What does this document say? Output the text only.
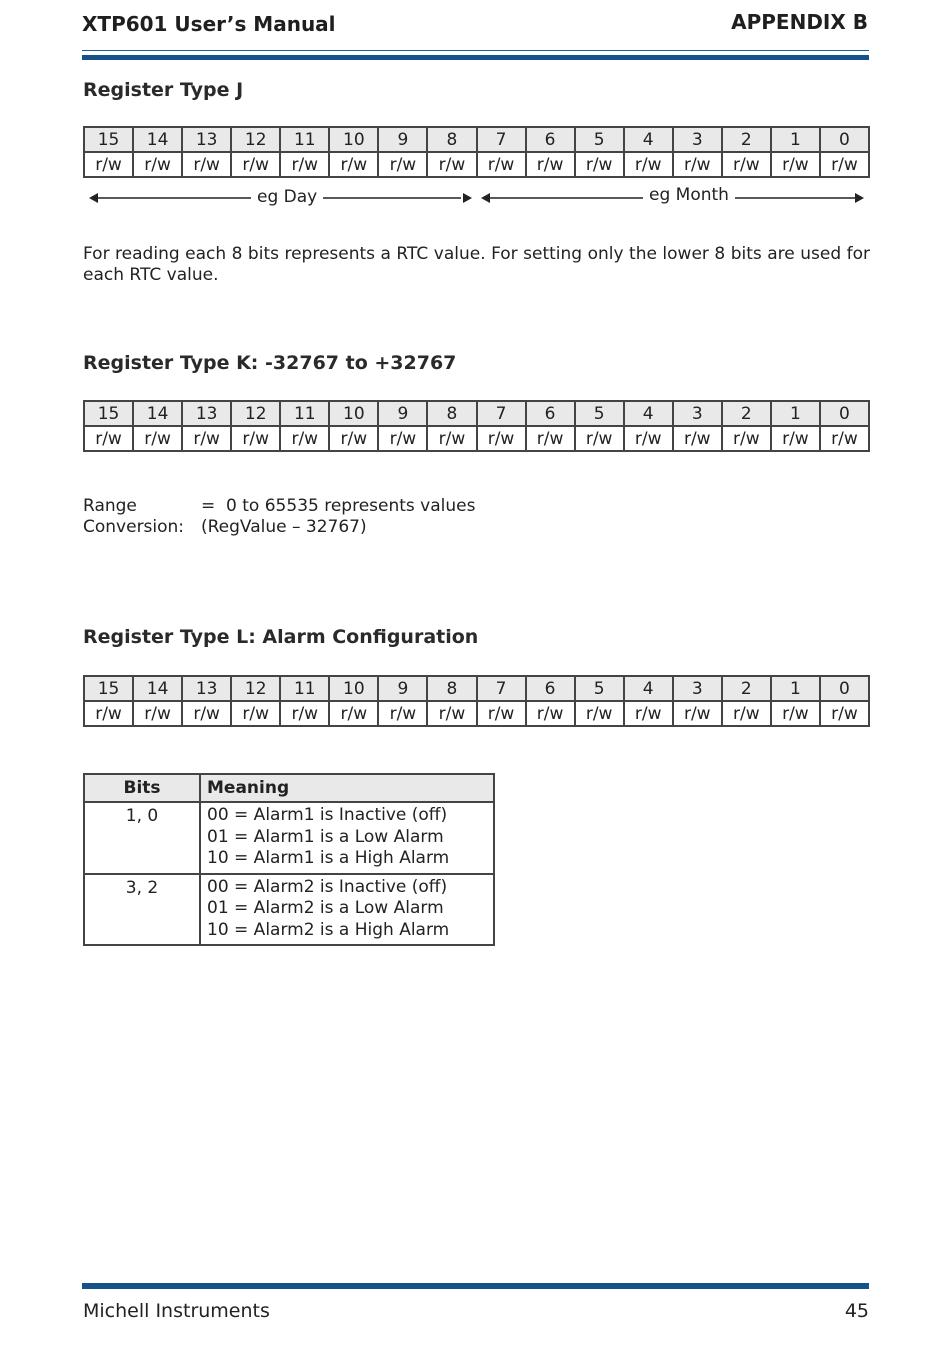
XTP601 User’s Manual	APPENDIX B
Register Type J
15	14	13	12	11	10	9	8	7	6	5	4	3	2	1	0
r/w	r/w	r/w	r/w	r/w	r/w	r/w	r/w	r/w	r/w	r/w	r/w	r/w	r/w	r/w	r/w
eg Day	eg Month
For reading each 8 bits represents a RTC value. For setting only the lower 8 bits are used for each RTC value.
Register Type K: -32767 to +32767
15	14	13	12	11	10	9	8	7	6	5	4	3	2	1	0
r/w	r/w	r/w	r/w	r/w	r/w	r/w	r/w	r/w	r/w	r/w	r/w	r/w	r/w	r/w	r/w
Range	=  0 to 65535 represents values
Conversion: (RegValue – 32767)
Register Type L: Alarm Configuration
15	14	13	12	11	10	9	8	7	6	5	4	3	2	1	0
r/w	r/w	r/w	r/w	r/w	r/w	r/w	r/w	r/w	r/w	r/w	r/w	r/w	r/w	r/w	r/w
Bits	Meaning
1, 0	00 = Alarm1 is Inactive (off)
01 = Alarm1 is a Low Alarm
10 = Alarm1 is a High Alarm

3, 2	00 = Alarm2 is Inactive (off)
01 = Alarm2 is a Low Alarm
10 = Alarm2 is a High Alarm
Michell Instruments	45
